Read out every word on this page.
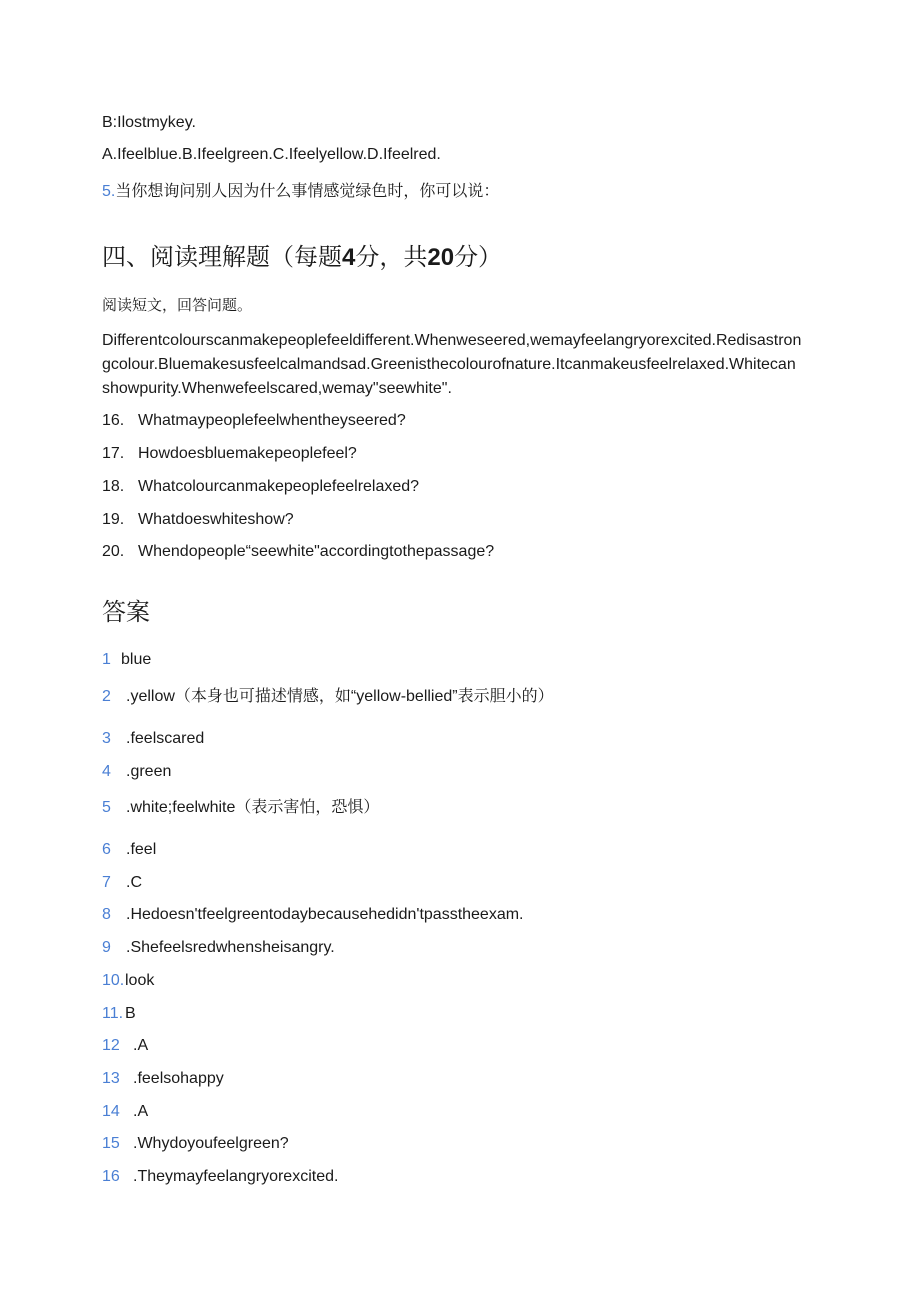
B:Ilostmykey.
A.Ifeelblue.B.Ifeelgreen.C.Ifeelyellow.D.Ifeelred.
5.当你想询问别人因为什么事情感觉绿色时，你可以说：
四、阅读理解题（每题4分，共20分）
阅读短文，回答问题。
Differentcolourscanmakepeoplefeeldifferent.Whenweseered,wemayfeelangryorexcited.Redisastrongcolour.Bluemakesusfeelcalmandsad.Greenisthecolourofnature.Itcanmakeusfeelrelaxed.Whitecanshowpurity.Whenwefeelscared,wemay"seewhite".
16. Whatmaypeoplefeelwhentheyseered?
17. Howdoesbluemakepeoplefeel?
18. Whatcolourcanmakepeoplefeelrelaxed?
19. Whatdoeswhiteshow?
20. Whendopeople“seewhite"accordingtothepassage?
答案
1 blue
2 .yellow（本身也可描述情感，如“yellow-bellied”表示胆小的）
3 .feelscared
4 .green
5 .white;feelwhite（表示害怕，恐惧）
6 .feel
7 .C
8 .Hedoesn'tfeelgreentodaybecausehedidn'tpasstheexam.
9 .Shefeelsredwhensheisangry.
10.look
11. B
12 .A
13 .feelsohappy
14 .A
15 .Whydoyoufeelgreen?
16 .Theymayfeelangryorexcited.
